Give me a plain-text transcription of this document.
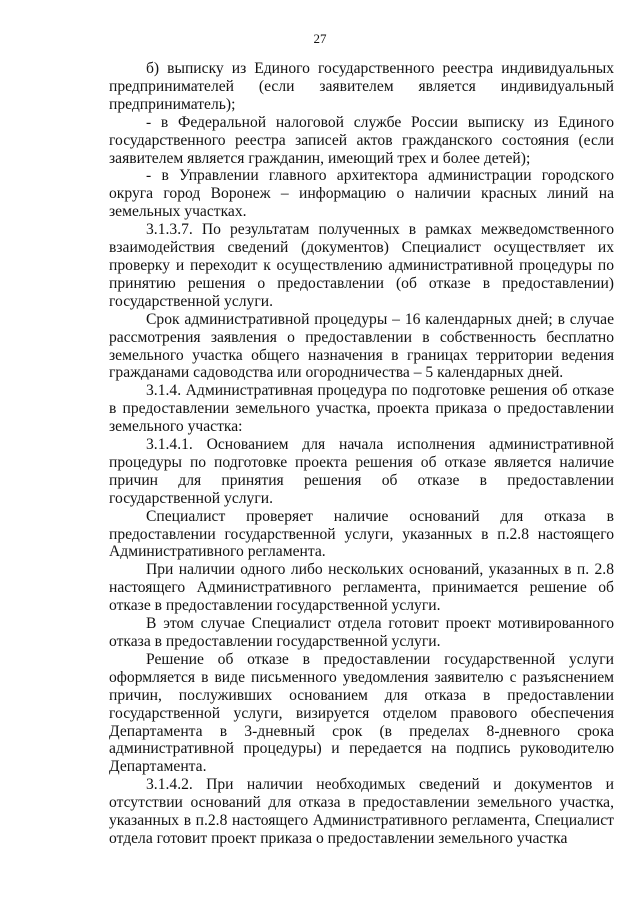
27

б) выписку из Единого государственного реестра индивидуальных предпринимателей (если заявителем является индивидуальный предприниматель);

- в Федеральной налоговой службе России выписку из Единого государственного реестра записей актов гражданского состояния (если заявителем является гражданин, имеющий трех и более детей);

- в Управлении главного архитектора администрации городского округа город Воронеж – информацию о наличии красных линий на земельных участках.

3.1.3.7. По результатам полученных в рамках межведомственного взаимодействия сведений (документов) Специалист осуществляет их проверку и переходит к осуществлению административной процедуры по принятию решения о предоставлении (об отказе в предоставлении) государственной услуги.

Срок административной процедуры – 16 календарных дней; в случае рассмотрения заявления о предоставлении в собственность бесплатно земельного участка общего назначения в границах территории ведения гражданами садоводства или огородничества – 5 календарных дней.

3.1.4. Административная процедура по подготовке решения об отказе в предоставлении земельного участка, проекта приказа о предоставлении земельного участка:

3.1.4.1. Основанием для начала исполнения административной процедуры по подготовке проекта решения об отказе является наличие причин для принятия решения об отказе в предоставлении государственной услуги.

Специалист проверяет наличие оснований для отказа в предоставлении государственной услуги, указанных в п.2.8 настоящего Административного регламента.

При наличии одного либо нескольких оснований, указанных в п. 2.8 настоящего Административного регламента, принимается решение об отказе в предоставлении государственной услуги.

В этом случае Специалист отдела готовит проект мотивированного отказа в предоставлении государственной услуги.

Решение об отказе в предоставлении государственной услуги оформляется в виде письменного уведомления заявителю с разъяснением причин, послуживших основанием для отказа в предоставлении государственной услуги, визируется отделом правового обеспечения Департамента в 3-дневный срок (в пределах 8-дневного срока административной процедуры) и передается на подпись руководителю Департамента.

3.1.4.2. При наличии необходимых сведений и документов и отсутствии оснований для отказа в предоставлении земельного участка, указанных в п.2.8 настоящего Административного регламента, Специалист отдела готовит проект приказа о предоставлении земельного участка
